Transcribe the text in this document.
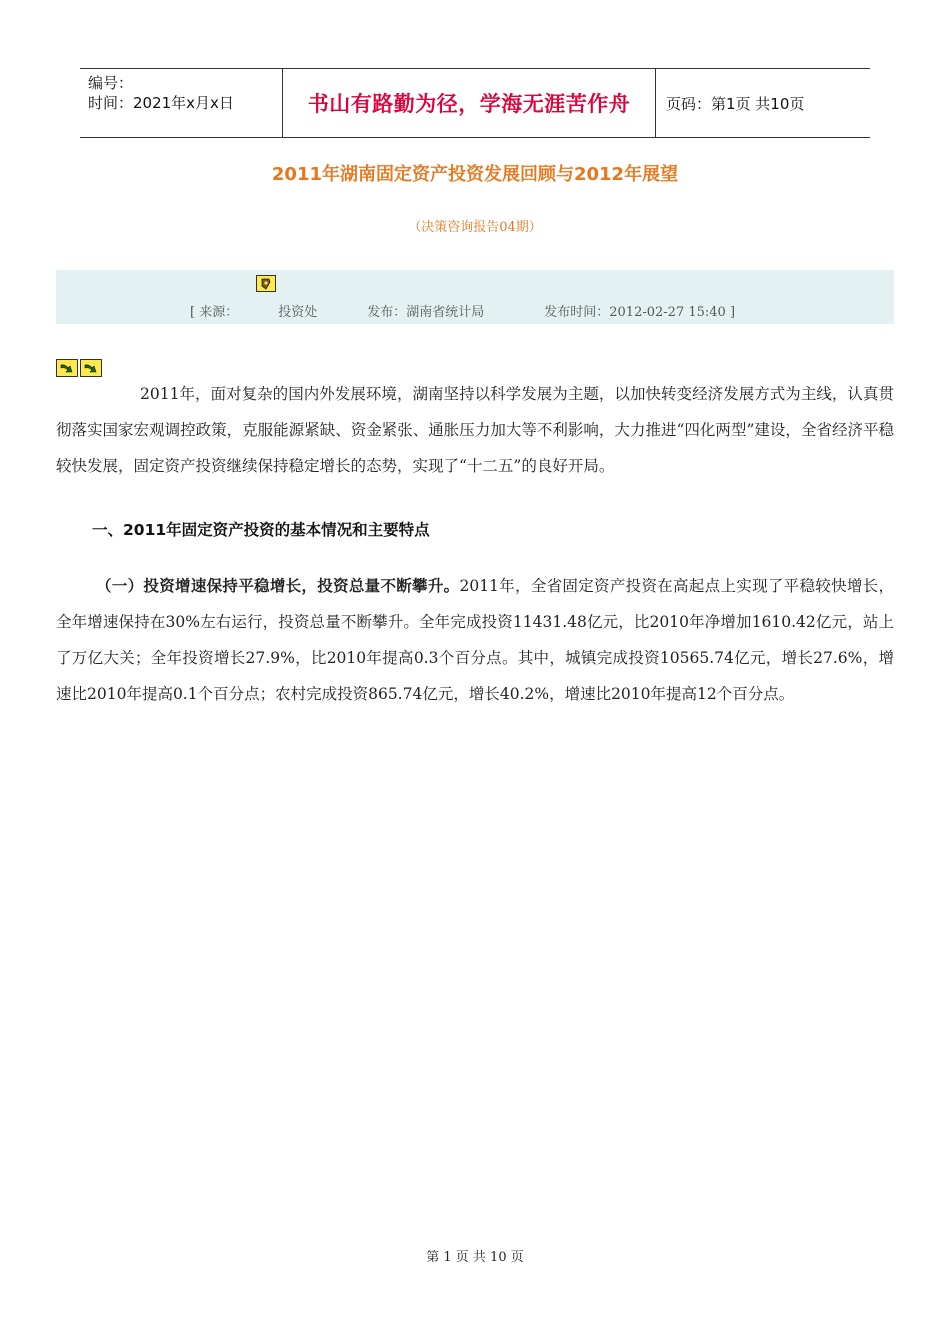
编号：
时间：2021年x月x日	书山有路勤为径，学海无涯苦作舟 页码：第1页 共10页
2011年湖南固定资产投资发展回顾与2012年展望
（决策咨询报告04期）
[ 来源：	投资处	发布：湖南省统计局	发布时间：2012-02-27 15:40 ]
2011年，面对复杂的国内外发展环境，湖南坚持以科学发展为主题，以加快转变经济发展方式为主线，认真贯彻落实国家宏观调控政策，克服能源紧缺、资金紧张、通胀压力加大等不利影响，大力推进“四化两型”建设，全省经济平稳较快发展，固定资产投资继续保持稳定增长的态势，实现了“十二五”的良好开局。
一、2011年固定资产投资的基本情况和主要特点
（一）投资增速保持平稳增长，投资总量不断攀升。2011年，全省固定资产投资在高起点上实现了平稳较快增长，全年增速保持在30%左右运行，投资总量不断攀升。全年完成投资11431.48亿元，比2010年净增加1610.42亿元，站上了万亿大关；全年投资增长27.9%，比2010年提高0.3个百分点。其中，城镇完成投资10565.74亿元，增长27.6%，增速比2010年提高0.1个百分点；农村完成投资865.74亿元，增长40.2%，增速比2010年提高12个百分点。
第 1 页 共 10 页
